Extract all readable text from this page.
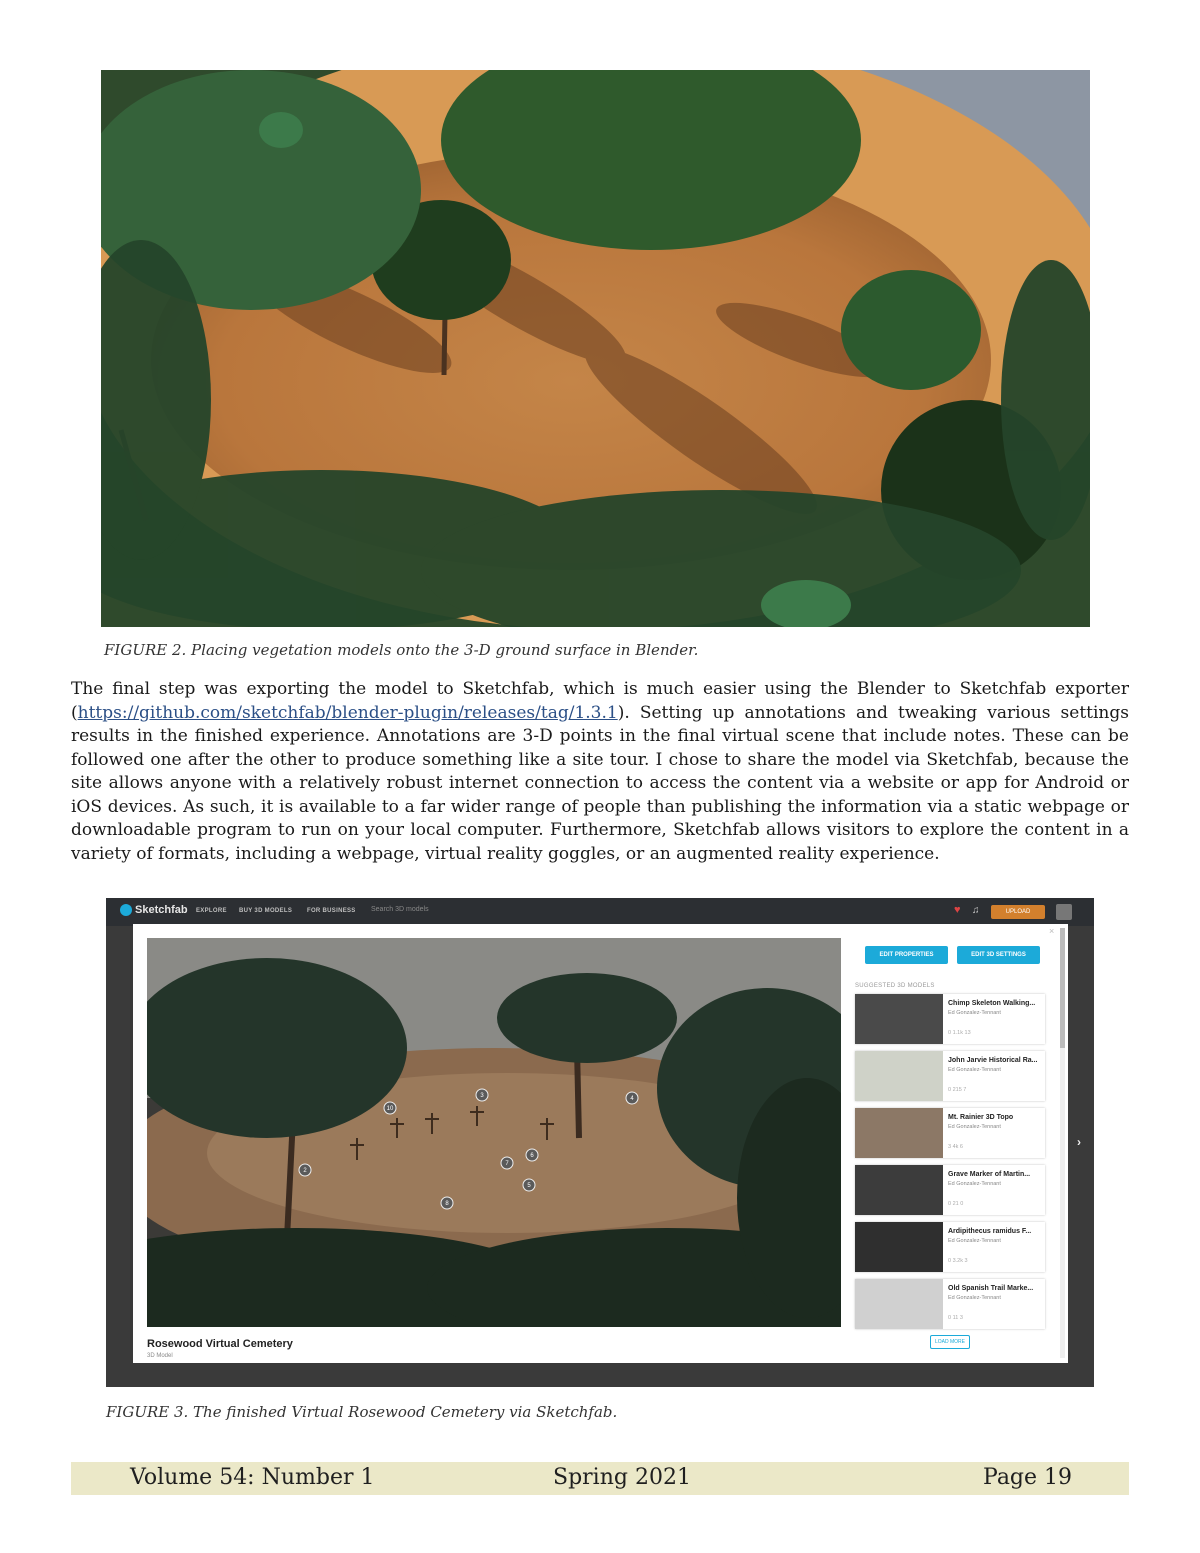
FIGURE 2. Placing vegetation models onto the 3-D ground surface in Blender.

The final step was exporting the model to Sketchfab, which is much easier using the Blender to Sketchfab exporter (https://github.com/sketchfab/blender-plugin/releases/tag/1.3.1). Setting up annotations and tweaking various settings results in the finished experience. Annotations are 3-D points in the final virtual scene that include notes. These can be followed one after the other to produce something like a site tour. I chose to share the model via Sketchfab, because the site allows anyone with a relatively robust internet connection to access the content via a website or app for Android or iOS devices. As such, it is available to a far wider range of people than publishing the information via a static webpage or downloadable program to run on your local computer. Furthermore, Sketchfab allows visitors to explore the content in a variety of formats, including a webpage, virtual reality goggles, or an augmented reality experience.

Sketchfab EXPLORE BUY 3D MODELS FOR BUSINESS Search 3D models	♥ ♫	UPLOAD
×
10
3	4
2
7
6
5
8
Rosewood Virtual Cemetery
3D Model
EDIT PROPERTIES	EDIT 3D SETTINGS
SUGGESTED 3D MODELS
Chimp Skeleton Walking...
Ed Gonzalez-Tennant
0 1.1k 13
John Jarvie Historical Ra...
Ed Gonzalez-Tennant
0 215 7
Mt. Rainier 3D Topo
Ed Gonzalez-Tennant
3 4k 6
Grave Marker of Martin...
Ed Gonzalez-Tennant
0 21 0
Ardipithecus ramidus F...
Ed Gonzalez-Tennant
0 3.2k 3
Old Spanish Trail Marke...
Ed Gonzalez-Tennant
0 11 3
LOAD MORE
›
FIGURE 3. The finished Virtual Rosewood Cemetery via Sketchfab.
Volume 54: Number 1	Spring 2021	Page 19
